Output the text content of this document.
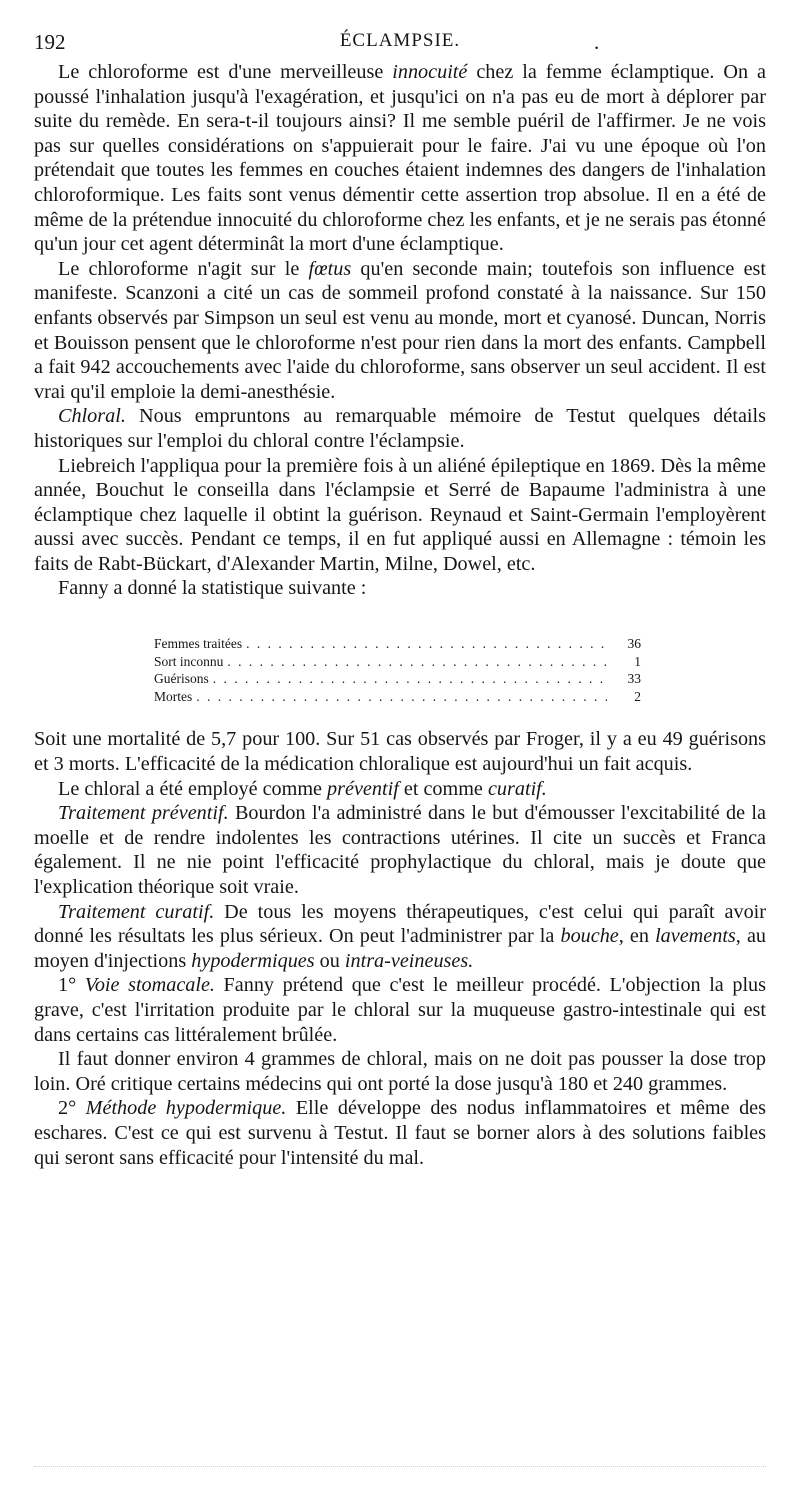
192	ÉCLAMPSIE.	.

Le chloroforme est d'une merveilleuse innocuité chez la femme éclamptique. On a poussé l'inhalation jusqu'à l'exagération, et jusqu'ici on n'a pas eu de mort à déplorer par suite du remède. En sera-t-il toujours ainsi? Il me semble puéril de l'affirmer. Je ne vois pas sur quelles considérations on s'appuierait pour le faire. J'ai vu une époque où l'on prétendait que toutes les femmes en couches étaient indemnes des dangers de l'inhalation chloroformique. Les faits sont venus démentir cette assertion trop absolue. Il en a été de même de la prétendue innocuité du chloroforme chez les enfants, et je ne serais pas étonné qu'un jour cet agent déterminât la mort d'une éclamptique.

Le chloroforme n'agit sur le fœtus qu'en seconde main; toutefois son influence est manifeste. Scanzoni a cité un cas de sommeil profond constaté à la naissance. Sur 150 enfants observés par Simpson un seul est venu au monde, mort et cyanosé. Duncan, Norris et Bouisson pensent que le chloroforme n'est pour rien dans la mort des enfants. Campbell a fait 942 accouchements avec l'aide du chloroforme, sans observer un seul accident. Il est vrai qu'il emploie la demi-anesthésie.

Chloral. Nous empruntons au remarquable mémoire de Testut quelques détails historiques sur l'emploi du chloral contre l'éclampsie.

Liebreich l'appliqua pour la première fois à un aliéné épileptique en 1869. Dès la même année, Bouchut le conseilla dans l'éclampsie et Serré de Bapaume l'administra à une éclamptique chez laquelle il obtint la guérison. Reynaud et Saint-Germain l'employèrent aussi avec succès. Pendant ce temps, il en fut appliqué aussi en Allemagne : témoin les faits de Rabt-Bückart, d'Alexander Martin, Milne, Dowel, etc.

Fanny a donné la statistique suivante :

Femmes traitées . . .	36
Sort inconnu . . .	1
Guérisons . . .	33
Mortes . . .	2

Soit une mortalité de 5,7 pour 100. Sur 51 cas observés par Froger, il y a eu 49 guérisons et 3 morts. L'efficacité de la médication chloralique est aujourd'hui un fait acquis.

Le chloral a été employé comme préventif et comme curatif.

Traitement préventif. Bourdon l'a administré dans le but d'émousser l'excitabilité de la moelle et de rendre indolentes les contractions utérines. Il cite un succès et Franca également. Il ne nie point l'efficacité prophylactique du chloral, mais je doute que l'explication théorique soit vraie.

Traitement curatif. De tous les moyens thérapeutiques, c'est celui qui paraît avoir donné les résultats les plus sérieux. On peut l'administrer par la bouche, en lavements, au moyen d'injections hypodermiques ou intra-veineuses.

1° Voie stomacale. Fanny prétend que c'est le meilleur procédé. L'objection la plus grave, c'est l'irritation produite par le chloral sur la muqueuse gastro-intestinale qui est dans certains cas littéralement brûlée.

Il faut donner environ 4 grammes de chloral, mais on ne doit pas pousser la dose trop loin. Oré critique certains médecins qui ont porté la dose jusqu'à 180 et 240 grammes.

2° Méthode hypodermique. Elle développe des nodus inflammatoires et même des eschares. C'est ce qui est survenu à Testut. Il faut se borner alors à des solutions faibles qui seront sans efficacité pour l'intensité du mal.
